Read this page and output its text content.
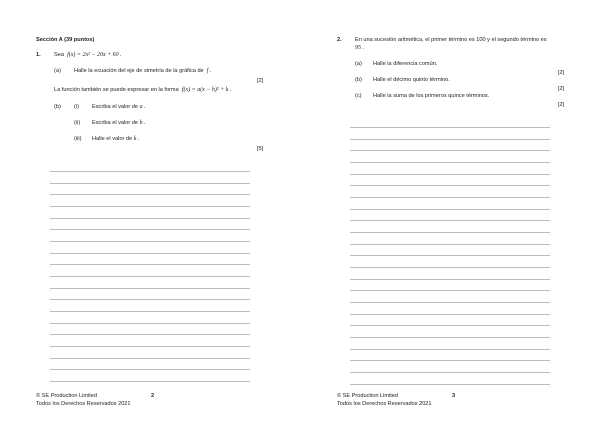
Sección A (39 puntos)
1. Sea f(x) = 2x² − 20x + 60 .
(a) Halle la ecuación del eje de simetría de la gráfica de f .
[2]
La función también se puede expresar en la forma f(x) = a(x − h)² + k .
(b) (i) Escriba el valor de a .
(ii) Escriba el valor de h .
(iii) Halle el valor de k .
[5]
© SE Production Limited
Todos los Derechos Reservados 2021
2
2. En una sucesión aritmética, el primer término es 100 y el segundo término es
95 .
(a) Halle la diferencia común.
[2]
(b) Halle el décimo quinto término.
[2]
(c) Halle la suma de los primeros quince términos.
[2]
© SE Production Limited
Todos los Derechos Reservados 2021
3
